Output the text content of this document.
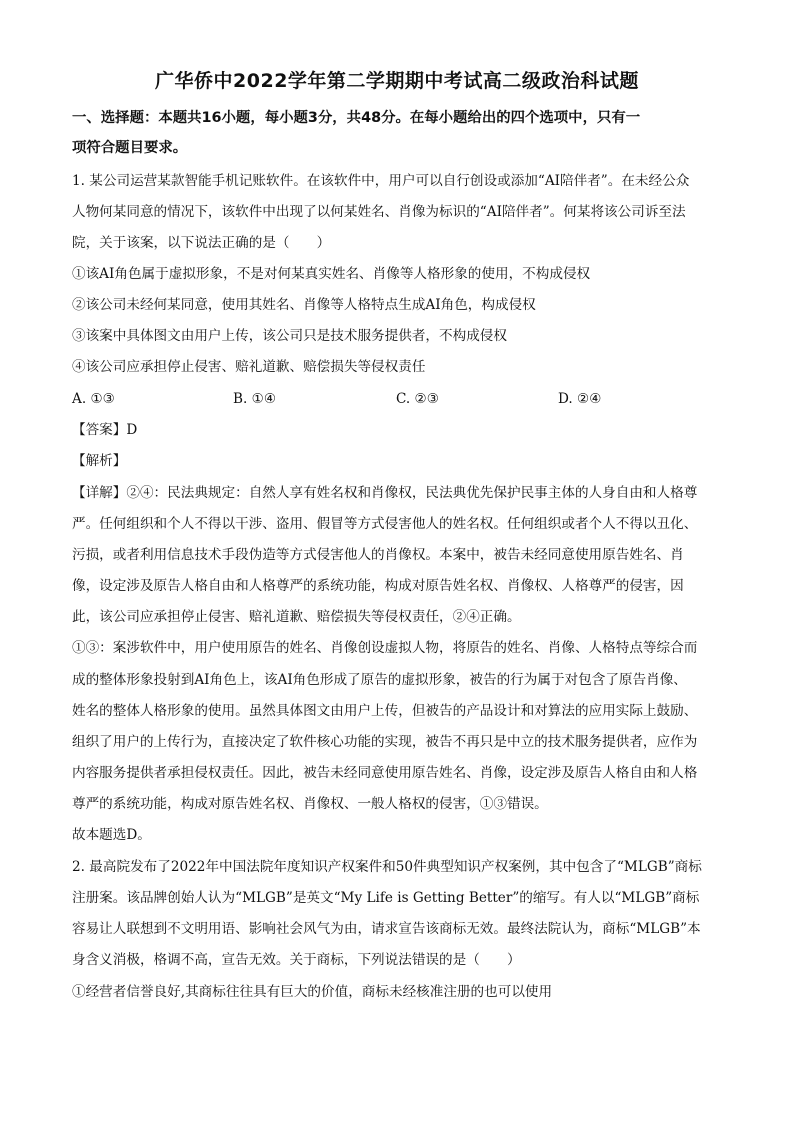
广华侨中2022学年第二学期期中考试高二级政治科试题
一、选择题：本题共16小题，每小题3分，共48分。在每小题给出的四个选项中，只有一
项符合题目要求。
1. 某公司运营某款智能手机记账软件。在该软件中，用户可以自行创设或添加“AI陪伴者”。在未经公众
人物何某同意的情况下，该软件中出现了以何某姓名、肖像为标识的“AI陪伴者”。何某将该公司诉至法
院，关于该案，以下说法正确的是（　　）
①该AI角色属于虚拟形象，不是对何某真实姓名、肖像等人格形象的使用，不构成侵权
②该公司未经何某同意，使用其姓名、肖像等人格特点生成AI角色，构成侵权
③该案中具体图文由用户上传，该公司只是技术服务提供者，不构成侵权
④该公司应承担停止侵害、赔礼道歉、赔偿损失等侵权责任
A. ①③	B. ①④	C. ②③	D. ②④
【答案】D
【解析】
【详解】②④：民法典规定：自然人享有姓名权和肖像权，民法典优先保护民事主体的人身自由和人格尊
严。任何组织和个人不得以干涉、盗用、假冒等方式侵害他人的姓名权。任何组织或者个人不得以丑化、
污损，或者利用信息技术手段伪造等方式侵害他人的肖像权。本案中，被告未经同意使用原告姓名、肖
像，设定涉及原告人格自由和人格尊严的系统功能，构成对原告姓名权、肖像权、人格尊严的侵害，因
此，该公司应承担停止侵害、赔礼道歉、赔偿损失等侵权责任，②④正确。
①③：案涉软件中，用户使用原告的姓名、肖像创设虚拟人物，将原告的姓名、肖像、人格特点等综合而
成的整体形象投射到AI角色上，该AI角色形成了原告的虚拟形象，被告的行为属于对包含了原告肖像、
姓名的整体人格形象的使用。虽然具体图文由用户上传，但被告的产品设计和对算法的应用实际上鼓励、
组织了用户的上传行为，直接决定了软件核心功能的实现，被告不再只是中立的技术服务提供者，应作为
内容服务提供者承担侵权责任。因此，被告未经同意使用原告姓名、肖像，设定涉及原告人格自由和人格
尊严的系统功能，构成对原告姓名权、肖像权、一般人格权的侵害，①③错误。
故本题选D。
2. 最高院发布了2022年中国法院年度知识产权案件和50件典型知识产权案例，其中包含了“MLGB”商标
注册案。该品牌创始人认为“MLGB”是英文“My Life is Getting Better”的缩写。有人以“MLGB”商标
容易让人联想到不文明用语、影响社会风气为由，请求宣告该商标无效。最终法院认为，商标“MLGB”本
身含义消极，格调不高，宣告无效。关于商标，下列说法错误的是（　　）
①经营者信誉良好,其商标往往具有巨大的价值，商标未经核准注册的也可以使用
